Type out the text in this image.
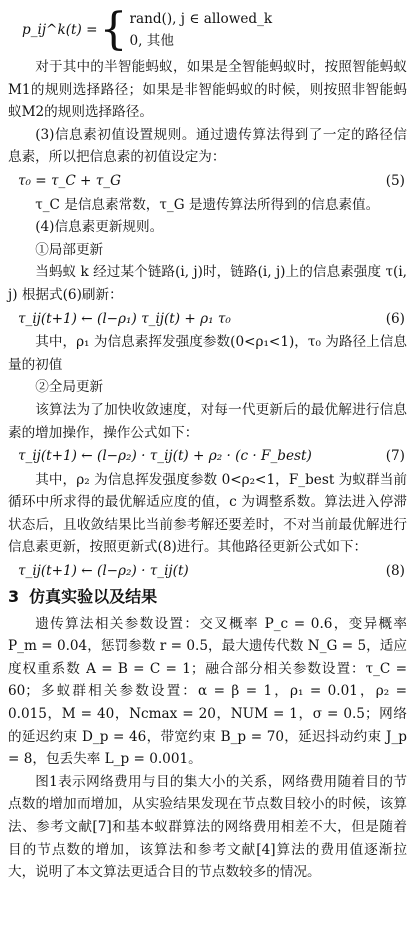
p_ij^k(t) = { rand(), j ∈ allowed_k
0, 其他

对于其中的半智能蚂蚁，如果是全智能蚂蚁时，按照智能蚂蚁M1的规则选择路径；如果是非智能蚂蚁的时候，则按照非智能蚂蚁M2的规则选择路径。

(3)信息素初值设置规则。通过遗传算法得到了一定的路径信息素，所以把信息素的初值设定为：

τ₀ = τ_C + τ_G	(5)

τ_C 是信息素常数，τ_G 是遗传算法所得到的信息素值。

(4)信息素更新规则。

①局部更新

当蚂蚁 k 经过某个链路(i, j)时，链路(i, j)上的信息素强度 τ(i, j) 根据式(6)刷新：

τ_ij(t+1) ← (l−ρ₁) τ_ij(t) + ρ₁ τ₀	(6)

其中，ρ₁ 为信息素挥发强度参数(0<ρ₁<1)，τ₀ 为路径上信息量的初值

②全局更新

该算法为了加快收敛速度，对每一代更新后的最优解进行信息素的增加操作，操作公式如下：

τ_ij(t+1) ← (l−ρ₂) · τ_ij(t) + ρ₂ · (c · F_best)	(7)

其中，ρ₂ 为信息挥发强度参数 0<ρ₂<1，F_best 为蚁群当前循环中所求得的最优解适应度的值，c 为调整系数。算法进入停滞状态后，且收敛结果比当前参考解还要差时，不对当前最优解进行信息素更新，按照更新式(8)进行。其他路径更新公式如下：

τ_ij(t+1) ← (l−ρ₂) · τ_ij(t)	(8)
3 仿真实验以及结果

遗传算法相关参数设置：交叉概率 P_c = 0.6，变异概率 P_m = 0.04，惩罚参数 r = 0.5，最大遗传代数 N_G = 5，适应度权重系数 A = B = C = 1；融合部分相关参数设置：τ_C = 60；多蚁群相关参数设置：α = β = 1，ρ₁ = 0.01，ρ₂ = 0.015，M = 40，Ncmax = 20，NUM = 1，σ = 0.5；网络的延迟约束 D_p = 46，带宽约束 B_p = 70，延迟抖动约束 J_p = 8，包丢失率 L_p = 0.001。

图1表示网络费用与目的集大小的关系，网络费用随着目的节点数的增加而增加，从实验结果发现在节点数目较小的时候，该算法、参考文献[7]和基本蚁群算法的网络费用相差不大，但是随着目的节点数的增加，该算法和参考文献[4]算法的费用值逐渐拉大，说明了本文算法更适合目的节点数较多的情况。
